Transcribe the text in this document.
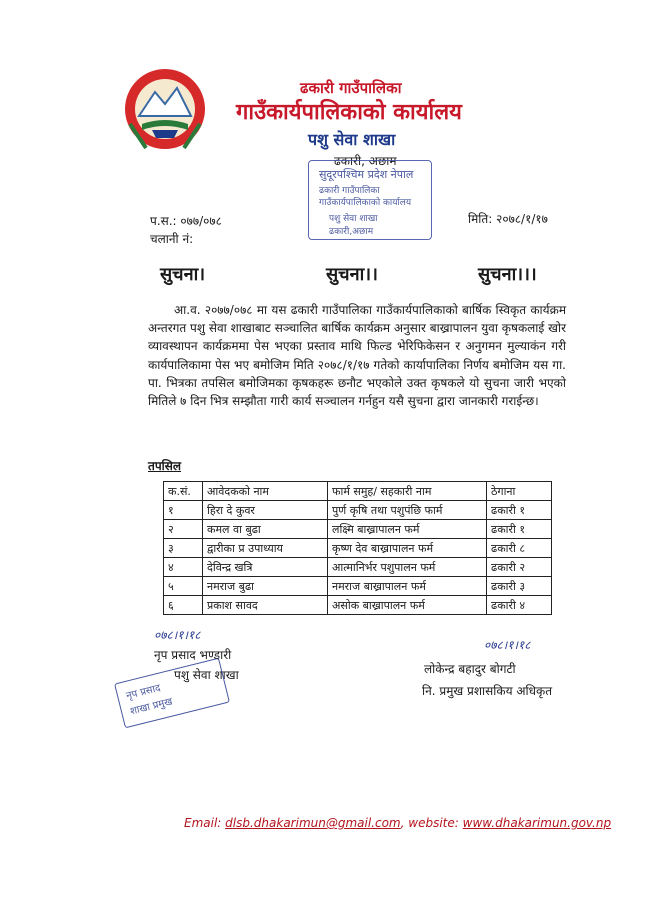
ढकारी गाउँपालिका
गाउँकार्यपालिकाको कार्यालय
पशु सेवा शाखा
ढकारी, अछाम
सुदूरपश्चिम प्रदेश नेपाल
ढकारी गाउँपालिका
गाउँकार्यपालिकाको कार्यालय
पशु सेवा शाखा
ढकारी,अछाम
प.स.: ०७७/०७८
चलानी नं:
मिति: २०७८/१/१७
सुचना।	सुचना।।	सुचना।।।
आ.व. २०७७/०७८ मा यस ढकारी गाउँपालिका गाउँकार्यपालिकाको बार्षिक स्विकृत कार्यक्रम अन्तरगत पशु सेवा शाखाबाट सञ्चालित बार्षिक कार्यक्रम अनुसार बाख्रापालन युवा कृषकलाई खोर व्यावस्थापन कार्यक्रममा पेस भएका प्रस्ताव माथि फिल्ड भेरिफिकेसन र अनुगमन मुल्याकंन गरी कार्यपालिकामा पेस भए बमोजिम मिति २०७८/१/१७ गतेको कार्यापालिका निर्णय बमोजिम यस गा. पा. भित्रका तपसिल बमोजिमका कृषकहरू छनौट भएकोले उक्त कृषकले यो सुचना जारी भएको मितिले ७ दिन भित्र सम्झौता गारी कार्य सञ्चालन गर्नहुन यसै सुचना द्वारा जानकारी गराईन्छ।
तपसिल
क.सं.	आवेदकको नाम	फार्म समुह/ सहकारी नाम	ठेगाना
१	हिरा दे कुवर	पुर्ण कृषि तथा पशुपंछि फार्म	ढकारी १
२	कमल वा बुढा	लक्ष्मि बाख्रापालन फर्म	ढकारी १
३	द्वारीका प्र उपाध्याय	कृष्ण देव बाख्रापालन फर्म	ढकारी ८
४	देविन्द्र खत्रि	आत्मानिर्भर पशुपालन फर्म	ढकारी २
५	नमराज बुढा	नमराज बाख्रापालन फर्म	ढकारी ३
६	प्रकाश सावद	असोक बाख्रापालन फर्म	ढकारी ४
०७८।१।१८
नृप प्रसाद भण्डारी
पशु सेवा शाखा
नृप प्रसाद
शाखा प्रमुख
०७८।१।१८
लोकेन्द्र बहादुर बोगटी
नि. प्रमुख प्रशासकिय अधिकृत
Email: dlsb.dhakarimun@gmail.com, website: www.dhakarimun.gov.np
